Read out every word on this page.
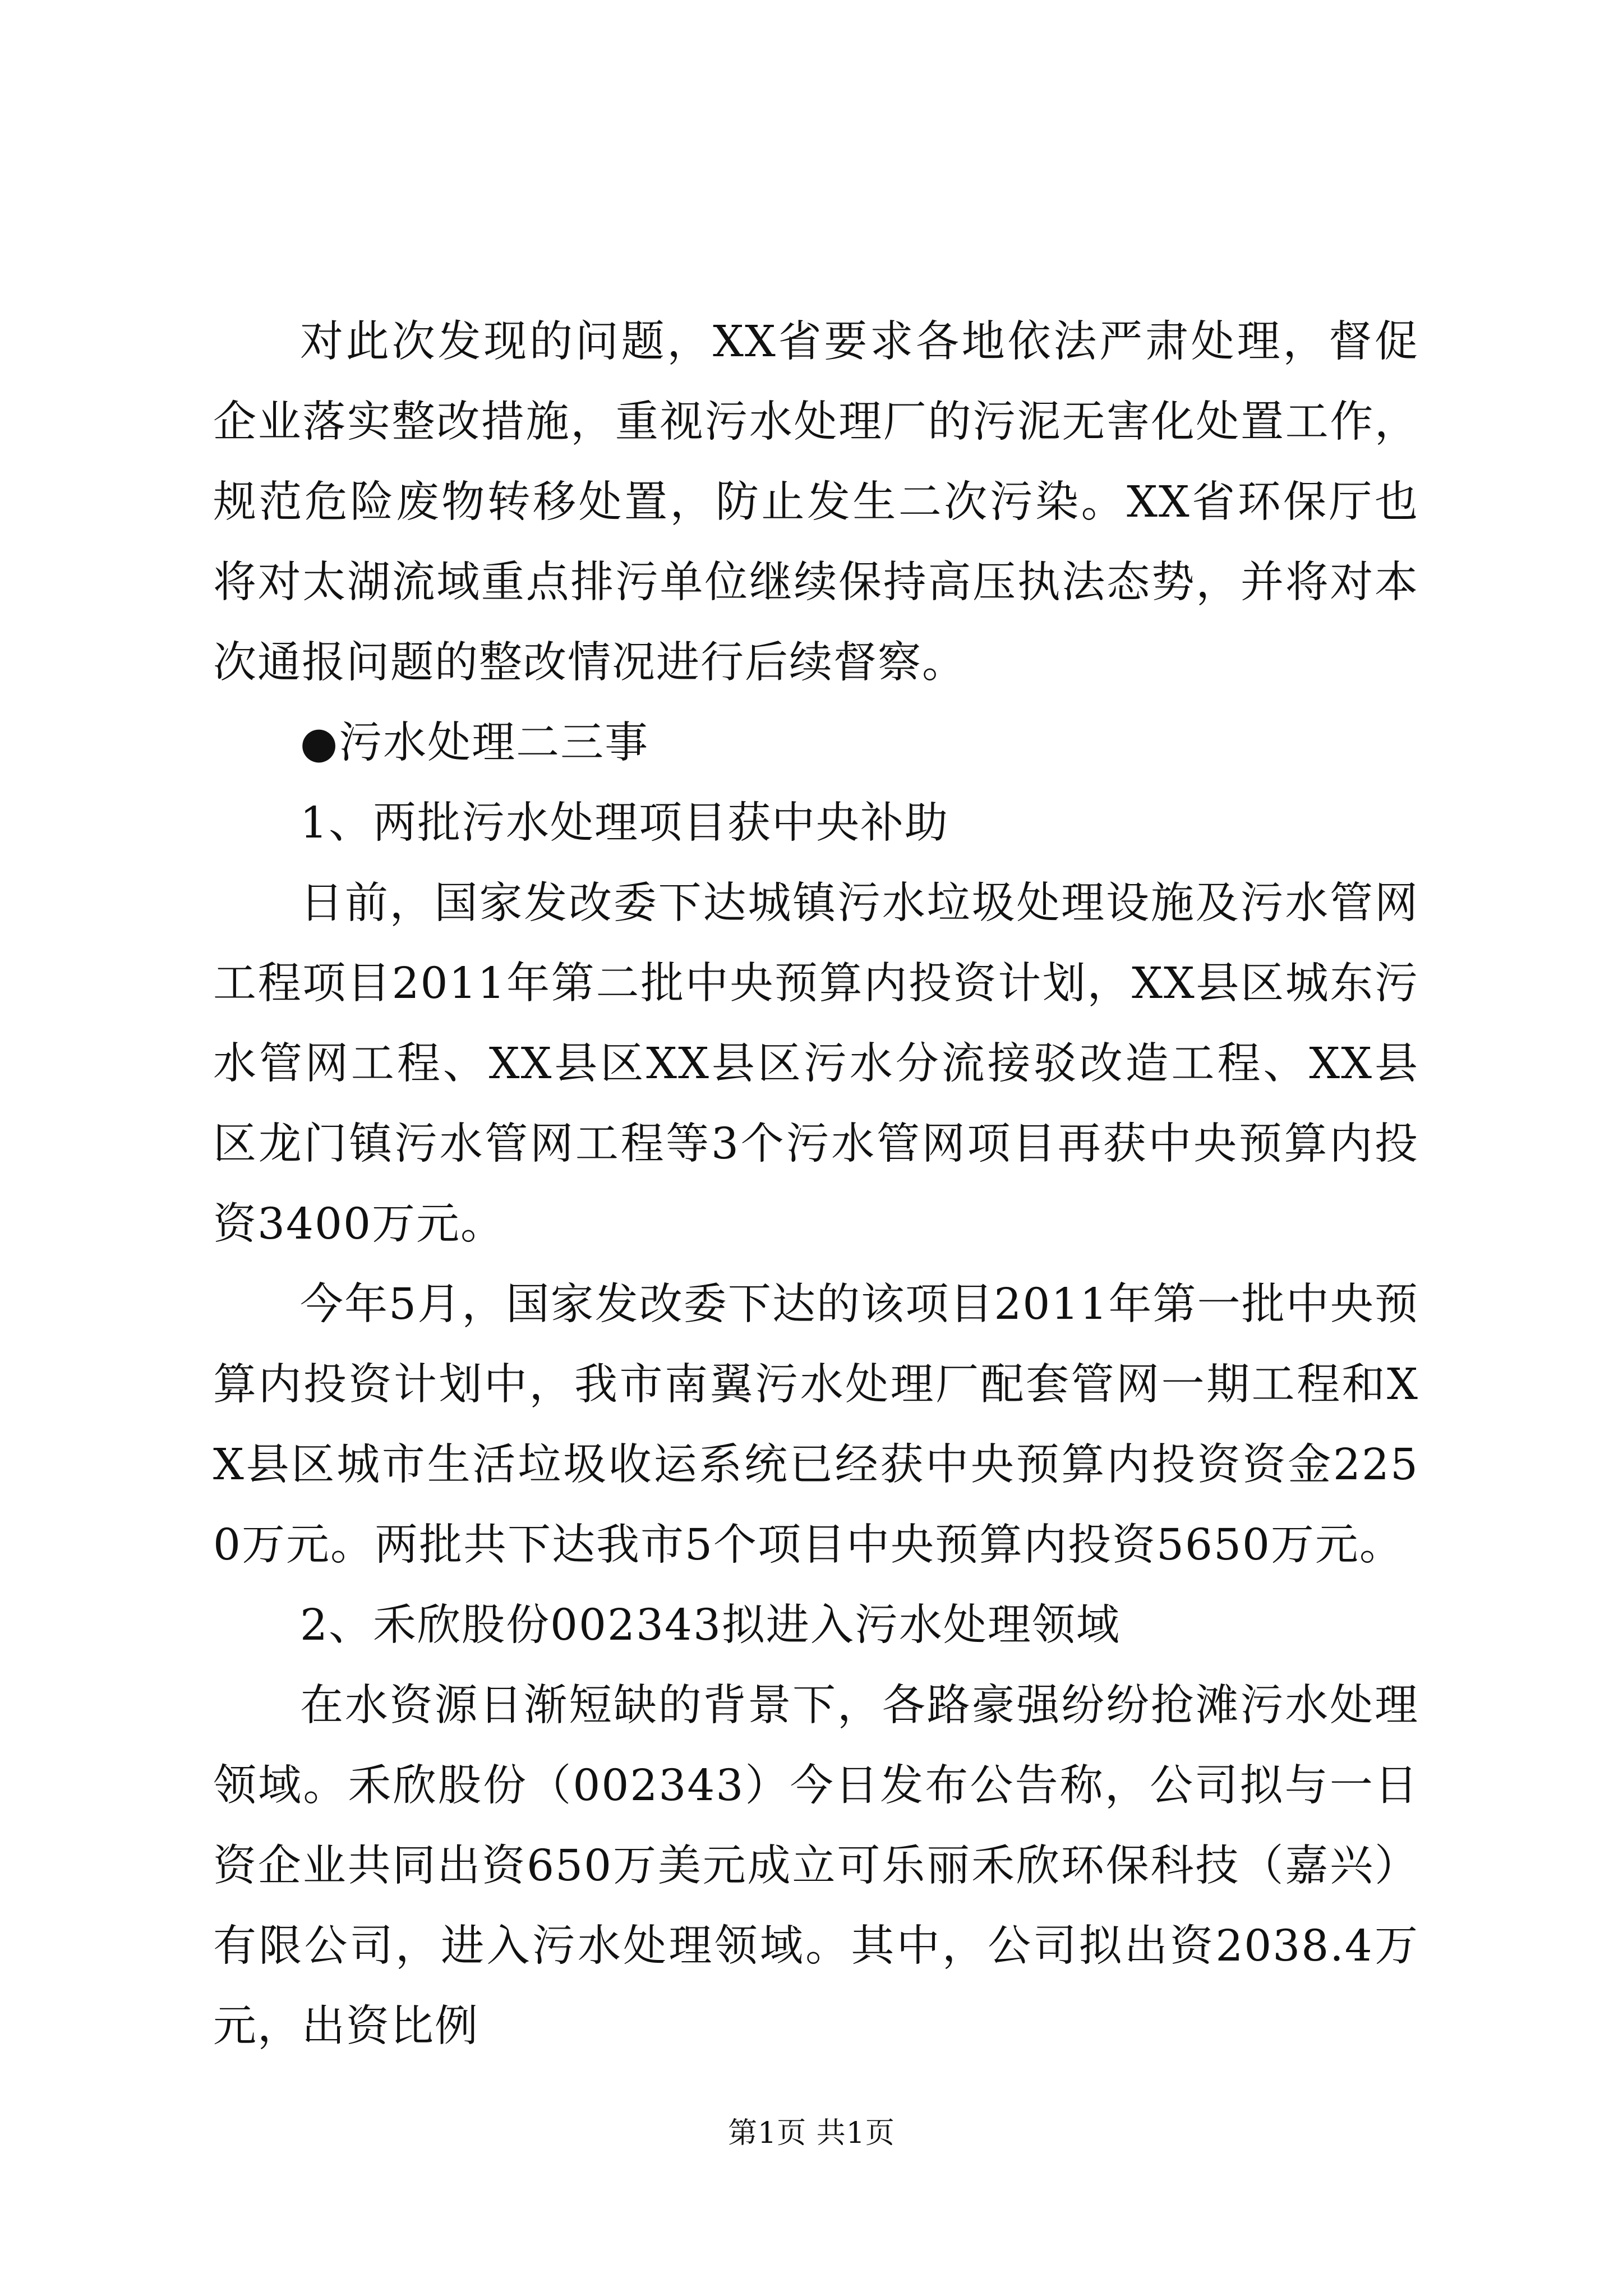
对此次发现的问题，XX省要求各地依法严肃处理，督促企业落实整改措施，重视污水处理厂的污泥无害化处置工作，规范危险废物转移处置，防止发生二次污染。XX省环保厅也将对太湖流域重点排污单位继续保持高压执法态势，并将对本次通报问题的整改情况进行后续督察。

●污水处理二三事

1、两批污水处理项目获中央补助

日前，国家发改委下达城镇污水垃圾处理设施及污水管网工程项目2011年第二批中央预算内投资计划，XX县区城东污水管网工程、XX县区XX县区污水分流接驳改造工程、XX县区龙门镇污水管网工程等3个污水管网项目再获中央预算内投资3400万元。

今年5月，国家发改委下达的该项目2011年第一批中央预算内投资计划中，我市南翼污水处理厂配套管网一期工程和XX县区城市生活垃圾收运系统已经获中央预算内投资资金2250万元。两批共下达我市5个项目中央预算内投资5650万元。

2、禾欣股份002343拟进入污水处理领域

在水资源日渐短缺的背景下，各路豪强纷纷抢滩污水处理领域。禾欣股份（002343）今日发布公告称，公司拟与一日资企业共同出资650万美元成立可乐丽禾欣环保科技（嘉兴）有限公司，进入污水处理领域。其中，公司拟出资2038.4万元，出资比例

第1页 共1页
